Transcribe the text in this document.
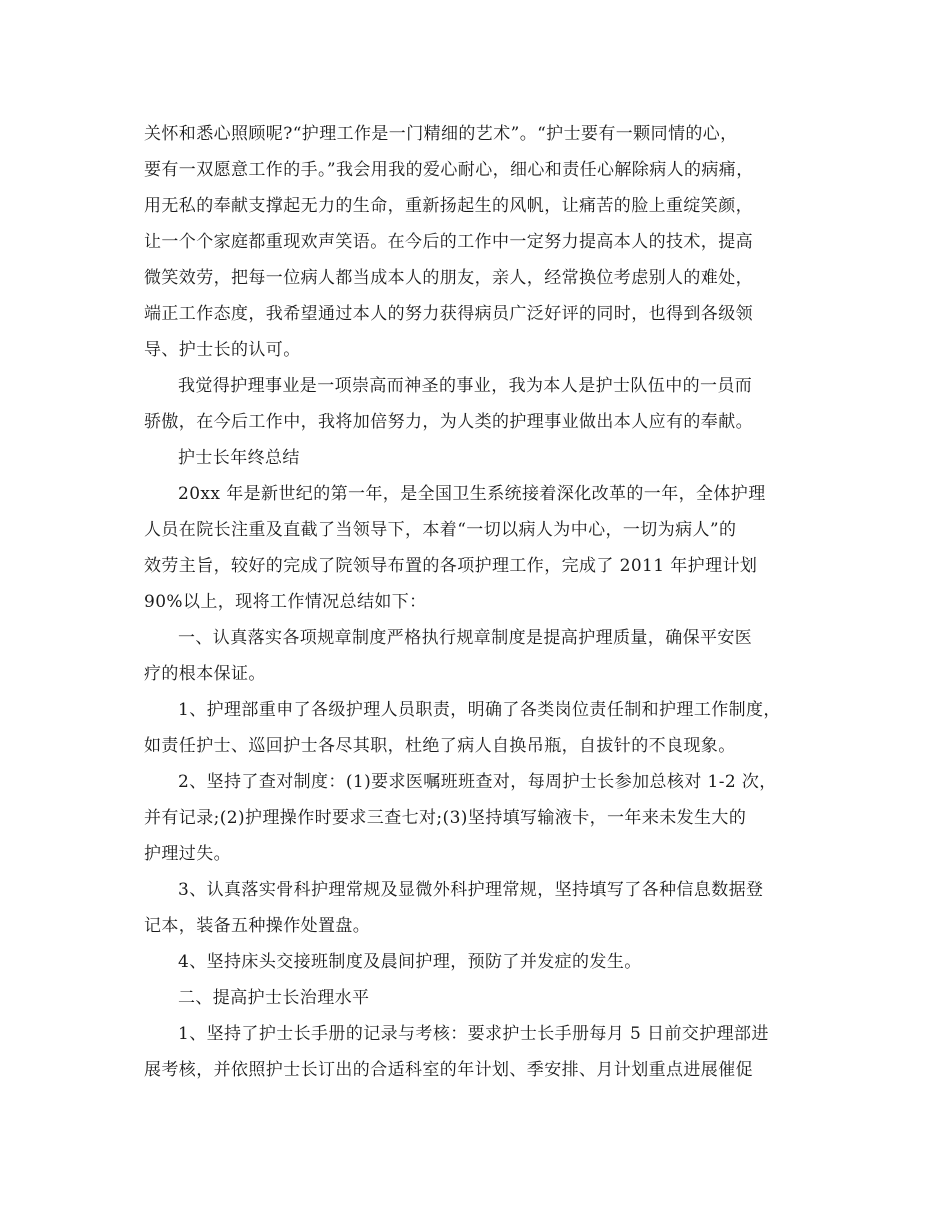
关怀和悉心照顾呢?“护理工作是一门精细的艺术”。“护士要有一颗同情的心，
要有一双愿意工作的手。”我会用我的爱心耐心，细心和责任心解除病人的病痛，
用无私的奉献支撑起无力的生命，重新扬起生的风帆，让痛苦的脸上重绽笑颜，
让一个个家庭都重现欢声笑语。在今后的工作中一定努力提高本人的技术，提高
微笑效劳，把每一位病人都当成本人的朋友，亲人，经常换位考虑别人的难处，
端正工作态度，我希望通过本人的努力获得病员广泛好评的同时，也得到各级领
导、护士长的认可。
我觉得护理事业是一项崇高而神圣的事业，我为本人是护士队伍中的一员而
骄傲，在今后工作中，我将加倍努力，为人类的护理事业做出本人应有的奉献。
护士长年终总结
20xx 年是新世纪的第一年，是全国卫生系统接着深化改革的一年，全体护理
人员在院长注重及直截了当领导下，本着“一切以病人为中心，一切为病人”的
效劳主旨，较好的完成了院领导布置的各项护理工作，完成了 2011 年护理计划
90%以上，现将工作情况总结如下：
一、认真落实各项规章制度严格执行规章制度是提高护理质量，确保平安医
疗的根本保证。
1、护理部重申了各级护理人员职责，明确了各类岗位责任制和护理工作制度，
如责任护士、巡回护士各尽其职，杜绝了病人自换吊瓶，自拔针的不良现象。
2、坚持了查对制度：(1)要求医嘱班班查对，每周护士长参加总核对 1-2 次，
并有记录;(2)护理操作时要求三查七对;(3)坚持填写输液卡，一年来未发生大的
护理过失。
3、认真落实骨科护理常规及显微外科护理常规，坚持填写了各种信息数据登
记本，装备五种操作处置盘。
4、坚持床头交接班制度及晨间护理，预防了并发症的发生。
二、提高护士长治理水平
1、坚持了护士长手册的记录与考核：要求护士长手册每月 5 日前交护理部进
展考核，并依照护士长订出的合适科室的年计划、季安排、月计划重点进展催促
